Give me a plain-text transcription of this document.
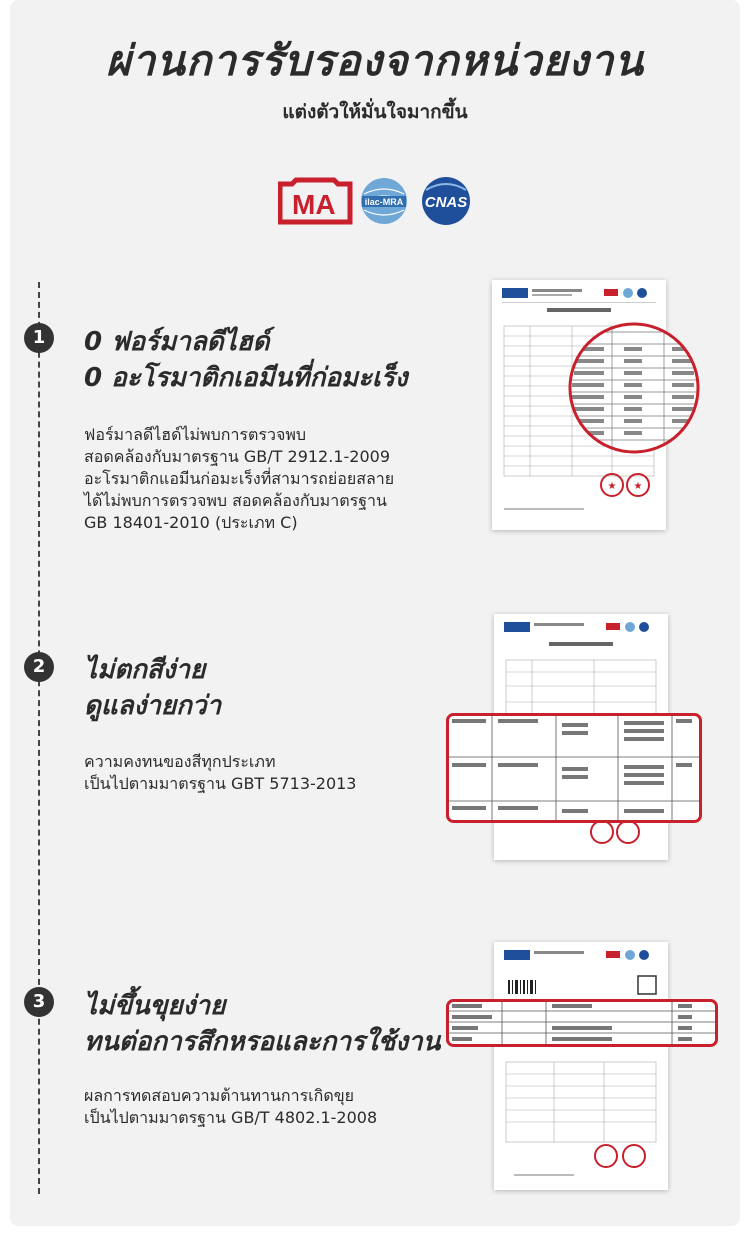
ผ่านการรับรองจากหน่วยงาน
แต่งตัวให้มั่นใจมากขึ้น
MA	ilac-MRA CNAS
1	0 ฟอร์มาลดีไฮด์
0 อะโรมาติกเอมีนที่ก่อมะเร็ง
ฟอร์มาลดีไฮด์ไม่พบการตรวจพบ
สอดคล้องกับมาตรฐาน GB/T 2912.1-2009
อะโรมาติกแอมีนก่อมะเร็งที่สามารถย่อยสลาย
ได้ไม่พบการตรวจพบ สอดคล้องกับมาตรฐาน
GB 18401-2010 (ประเภท C)
★ ★
2	ไม่ตกสีง่าย
ดูแลง่ายกว่า
ความคงทนของสีทุกประเภท
เป็นไปตามมาตรฐาน GBT 5713-2013
3	ไม่ขึ้นขุยง่าย
ทนต่อการสึกหรอและการใช้งาน
ผลการทดสอบความต้านทานการเกิดขุย
เป็นไปตามมาตรฐาน GB/T 4802.1-2008
